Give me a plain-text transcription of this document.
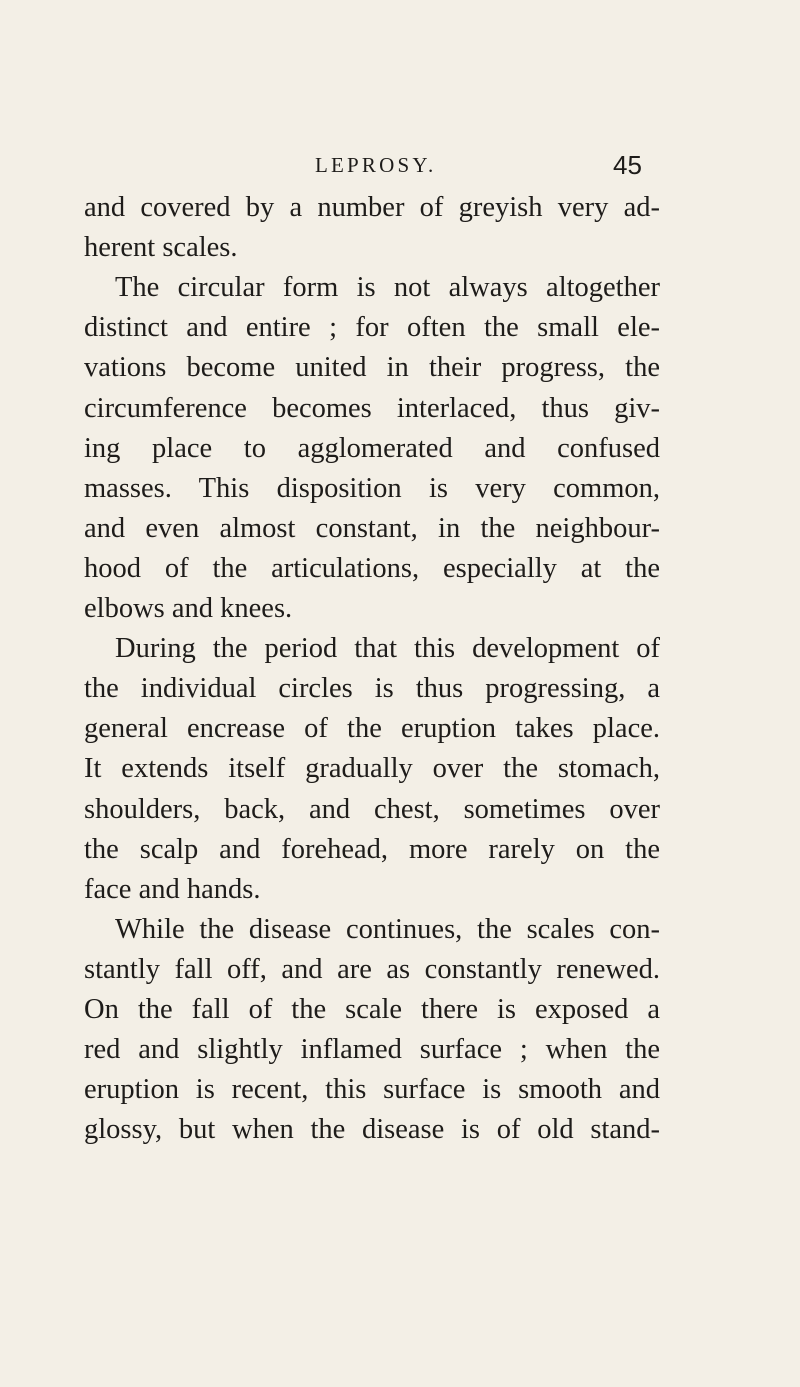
LEPROSY.	45
and covered by a number of greyish very ad-
herent scales.
The circular form is not always altogether
distinct and entire ; for often the small ele-
vations become united in their progress, the
circumference becomes interlaced, thus giv-
ing place to agglomerated and confused
masses. This disposition is very common,
and even almost constant, in the neighbour-
hood of the articulations, especially at the
elbows and knees.
During the period that this development of
the individual circles is thus progressing, a
general encrease of the eruption takes place.
It extends itself gradually over the stomach,
shoulders, back, and chest, sometimes over
the scalp and forehead, more rarely on the
face and hands.
While the disease continues, the scales con-
stantly fall off, and are as constantly renewed.
On the fall of the scale there is exposed a
red and slightly inflamed surface ; when the
eruption is recent, this surface is smooth and
glossy, but when the disease is of old stand-
